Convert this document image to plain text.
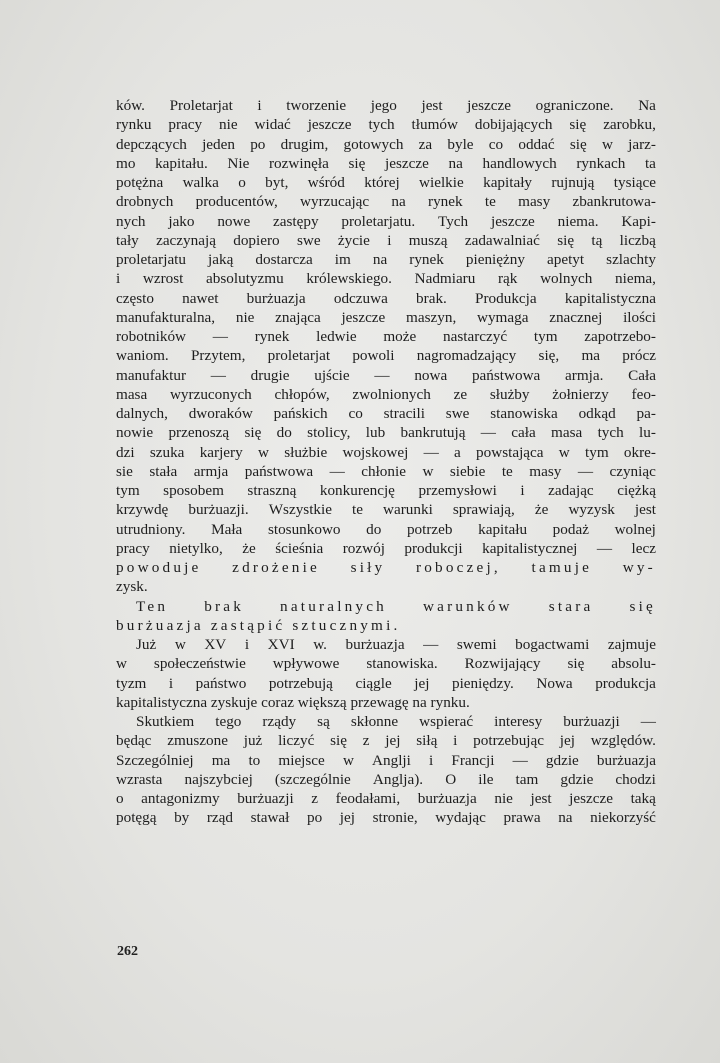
ków. Proletarjat i tworzenie jego jest jeszcze ograniczone. Na
rynku pracy nie widać jeszcze tych tłumów dobijających się zarobku,
depczących jeden po drugim, gotowych za byle co oddać się w jarz-
mo kapitału. Nie rozwinęła się jeszcze na handlowych rynkach ta
potężna walka o byt, wśród której wielkie kapitały rujnują tysiące
drobnych producentów, wyrzucając na rynek te masy zbankrutowa-
nych jako nowe zastępy proletarjatu. Tych jeszcze niema. Kapi-
tały zaczynają dopiero swe życie i muszą zadawalniać się tą liczbą
proletarjatu jaką dostarcza im na rynek pieniężny apetyt szlachty
i wzrost absolutyzmu królewskiego. Nadmiaru rąk wolnych niema,
często nawet burżuazja odczuwa brak. Produkcja kapitalistyczna
manufakturalna, nie znająca jeszcze maszyn, wymaga znacznej ilości
robotników — rynek ledwie może nastarczyć tym zapotrzebo-
waniom. Przytem, proletarjat powoli nagromadzający się, ma prócz
manufaktur — drugie ujście — nowa państwowa armja. Cała
masa wyrzuconych chłopów, zwolnionych ze służby żołnierzy feo-
dalnych, dworaków pańskich co stracili swe stanowiska odkąd pa-
nowie przenoszą się do stolicy, lub bankrutują — cała masa tych lu-
dzi szuka karjery w służbie wojskowej — a powstająca w tym okre-
sie stała armja państwowa — chłonie w siebie te masy — czyniąc
tym sposobem straszną konkurencję przemysłowi i zadając ciężką
krzywdę burżuazji. Wszystkie te warunki sprawiają, że wyzysk jest
utrudniony. Mała stosunkowo do potrzeb kapitału podaż wolnej
pracy nietylko, że ścieśnia rozwój produkcji kapitalistycznej — lecz
powoduje zdrożenie siły roboczej, tamuje wy-
zysk.
Ten brak naturalnych warunków stara się
burżuazja zastąpić sztucznymi.
Już w XV i XVI w. burżuazja — swemi bogactwami zajmuje
w społeczeństwie wpływowe stanowiska. Rozwijający się absolu-
tyzm i państwo potrzebują ciągle jej pieniędzy. Nowa produkcja
kapitalistyczna zyskuje coraz większą przewagę na rynku.
Skutkiem tego rządy są skłonne wspierać interesy burżuazji —
będąc zmuszone już liczyć się z jej siłą i potrzebując jej względów.
Szczególniej ma to miejsce w Anglji i Francji — gdzie burżuazja
wzrasta najszybciej (szczególnie Anglja). O ile tam gdzie chodzi
o antagonizmy burżuazji z feodałami, burżuazja nie jest jeszcze taką
potęgą by rząd stawał po jej stronie, wydając prawa na niekorzyść
262
